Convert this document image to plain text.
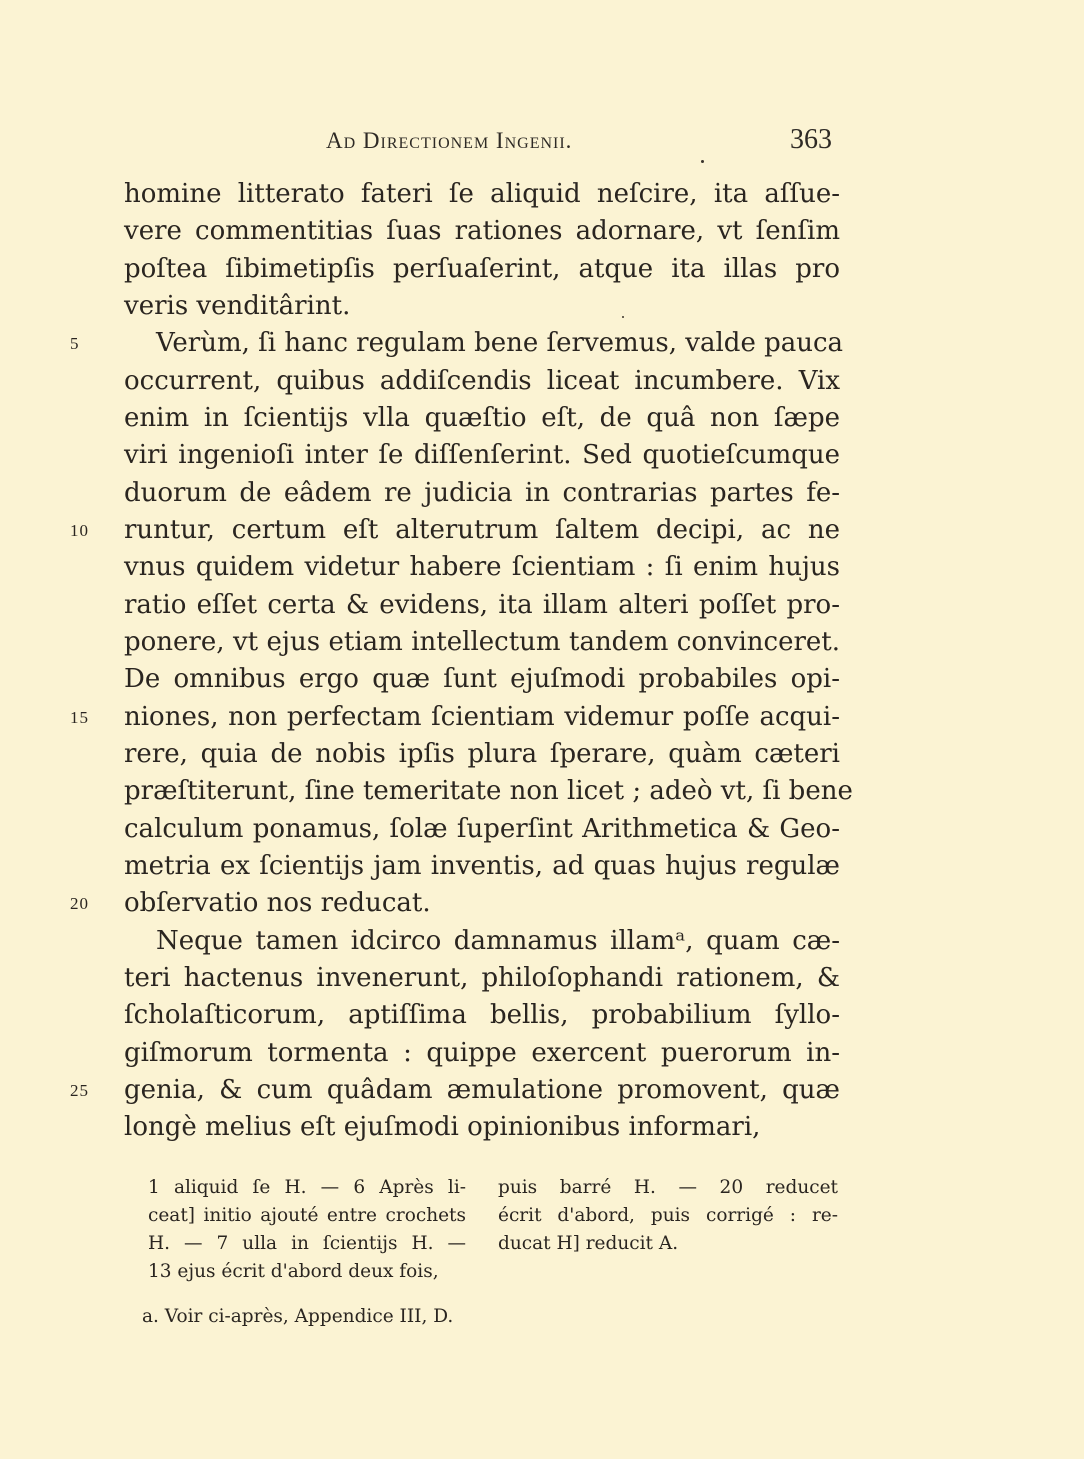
Ad Directionem Ingenii.	363
homine litterato fateri ſe aliquid neſcire, ita aſſue-
vere commentitias ſuas rationes adornare, vt ſenſim
poſtea ſibimetipſis perſuaſerint, atque ita illas pro
veris venditârint.
Verùm, ſi hanc regulam bene ſervemus, valde pauca
5
occurrent, quibus addiſcendis liceat incumbere. Vix
enim in ſcientijs vlla quæſtio eſt, de quâ non ſæpe
viri ingenioſi inter ſe diſſenſerint. Sed quotieſcumque
duorum de eâdem re judicia in contrarias partes fe-
runtur, certum eſt alterutrum ſaltem decipi, ac ne
10
vnus quidem videtur habere ſcientiam : ſi enim hujus
ratio eſſet certa & evidens, ita illam alteri poſſet pro-
ponere, vt ejus etiam intellectum tandem convinceret.
De omnibus ergo quæ ſunt ejuſmodi probabiles opi-
niones, non perfectam ſcientiam videmur poſſe acqui-
15
rere, quia de nobis ipſis plura ſperare, quàm cæteri
præſtiterunt, ſine temeritate non licet ; adeò vt, ſi bene
calculum ponamus, ſolæ ſuperſint Arithmetica & Geo-
metria ex ſcientijs jam inventis, ad quas hujus regulæ
obſervatio nos reducat.
20
Neque tamen idcirco damnamus illamᵃ, quam cæ-
teri hactenus invenerunt, philoſophandi rationem, &
ſcholaſticorum, aptiſſima bellis, probabilium ſyllo-
giſmorum tormenta : quippe exercent puerorum in-
genia, & cum quâdam æmulatione promovent, quæ
25
longè melius eſt ejuſmodi opinionibus informari,
1 aliquid ſe H. — 6 Après li-
ceat] initio ajouté entre crochets
H. — 7 ulla in ſcientijs H. —
13 ejus écrit d'abord deux fois,
puis barré H. — 20 reducet
écrit d'abord, puis corrigé : re-
ducat H] reducit A.
a. Voir ci-après, Appendice III, D.
